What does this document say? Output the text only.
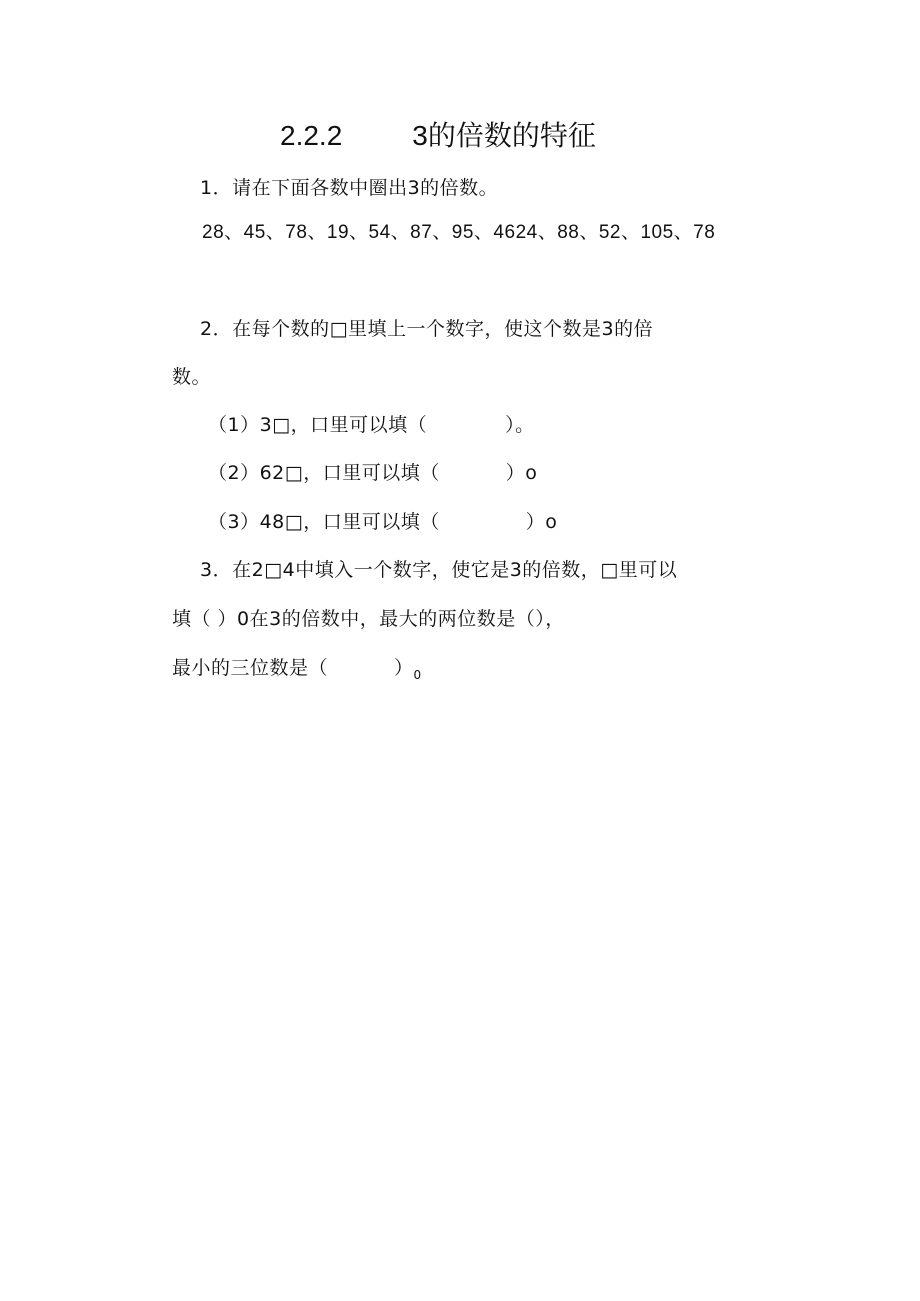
2.2.2	3的倍数的特征
1．请在下面各数中圈出3的倍数。
28、45、78、19、54、87、95、4624、88、52、105、78
2．在每个数的□里填上一个数字，使这个数是3的倍
数。
（1）3□，口里可以填（	）。
（2）62□，口里可以填（	）o
（3）48□，口里可以填（	）o
3．在2□4中填入一个数字，使它是3的倍数，□里可以
填（ ）0在3的倍数中，最大的两位数是（），
最小的三位数是（	）$_0$
